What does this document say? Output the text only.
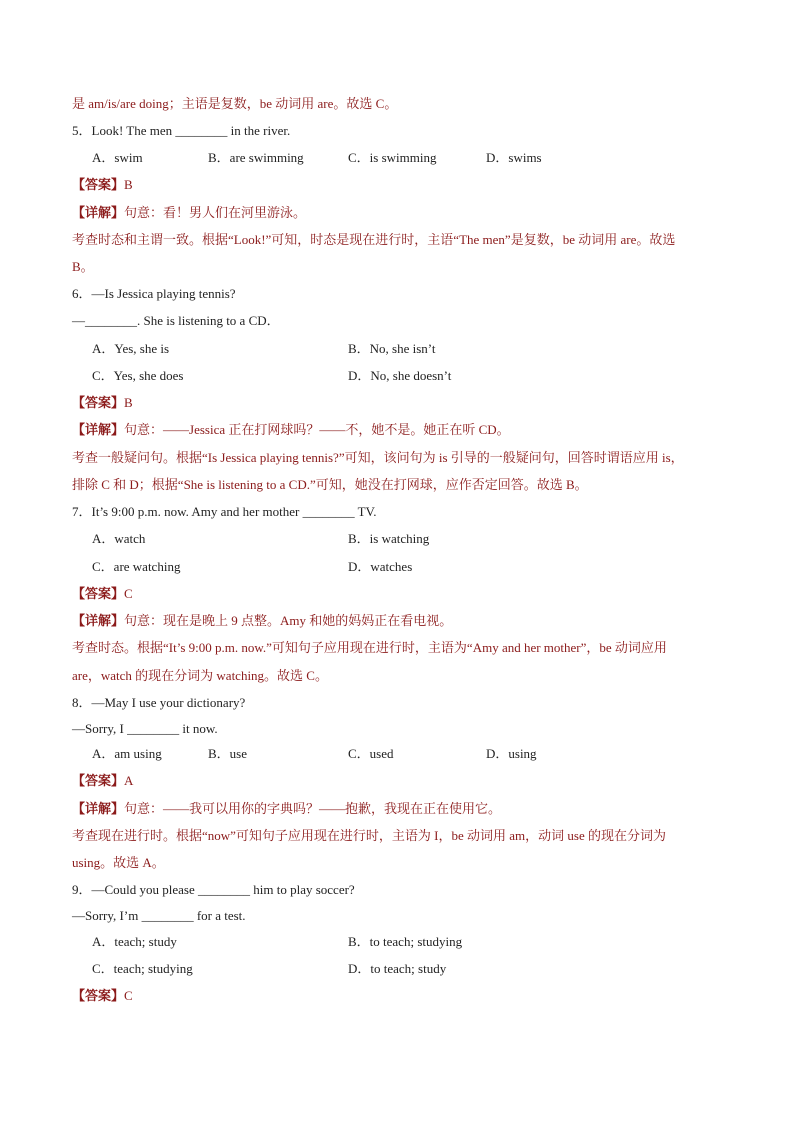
是 am/is/are doing；主语是复数，be 动词用 are。故选 C。
5．Look! The men ________ in the river.
A．swim	B．are swimming	C．is swimming	D．swims
【答案】B
【详解】句意：看！男人们在河里游泳。
考查时态和主谓一致。根据“Look!”可知，时态是现在进行时，主语“The men”是复数，be 动词用 are。故选
B。
6．—Is Jessica playing tennis?
—________. She is listening to a CD．
A．Yes, she is	B．No, she isn’t
C．Yes, she does	D．No, she doesn’t
【答案】B
【详解】句意：——Jessica 正在打网球吗？——不，她不是。她正在听 CD。
考查一般疑问句。根据“Is Jessica playing tennis?”可知，该问句为 is 引导的一般疑问句，回答时谓语应用 is，
排除 C 和 D；根据“She is listening to a CD.”可知，她没在打网球，应作否定回答。故选 B。
7．It’s 9:00 p.m. now. Amy and her mother ________ TV.
A．watch	B．is watching
C．are watching	D．watches
【答案】C
【详解】句意：现在是晚上 9 点整。Amy 和她的妈妈正在看电视。
考查时态。根据“It’s 9:00 p.m. now.”可知句子应用现在进行时，主语为“Amy and her mother”，be 动词应用
are，watch 的现在分词为 watching。故选 C。
8．—May I use your dictionary?
—Sorry, I ________ it now.
A．am using	B．use	C．used	D．using
【答案】A
【详解】句意：——我可以用你的字典吗？——抱歉，我现在正在使用它。
考查现在进行时。根据“now”可知句子应用现在进行时，主语为 I，be 动词用 am，动词 use 的现在分词为
using。故选 A。
9．—Could you please ________ him to play soccer?
—Sorry, I’m ________ for a test.
A．teach; study	B．to teach; studying
C．teach; studying	D．to teach; study
【答案】C
